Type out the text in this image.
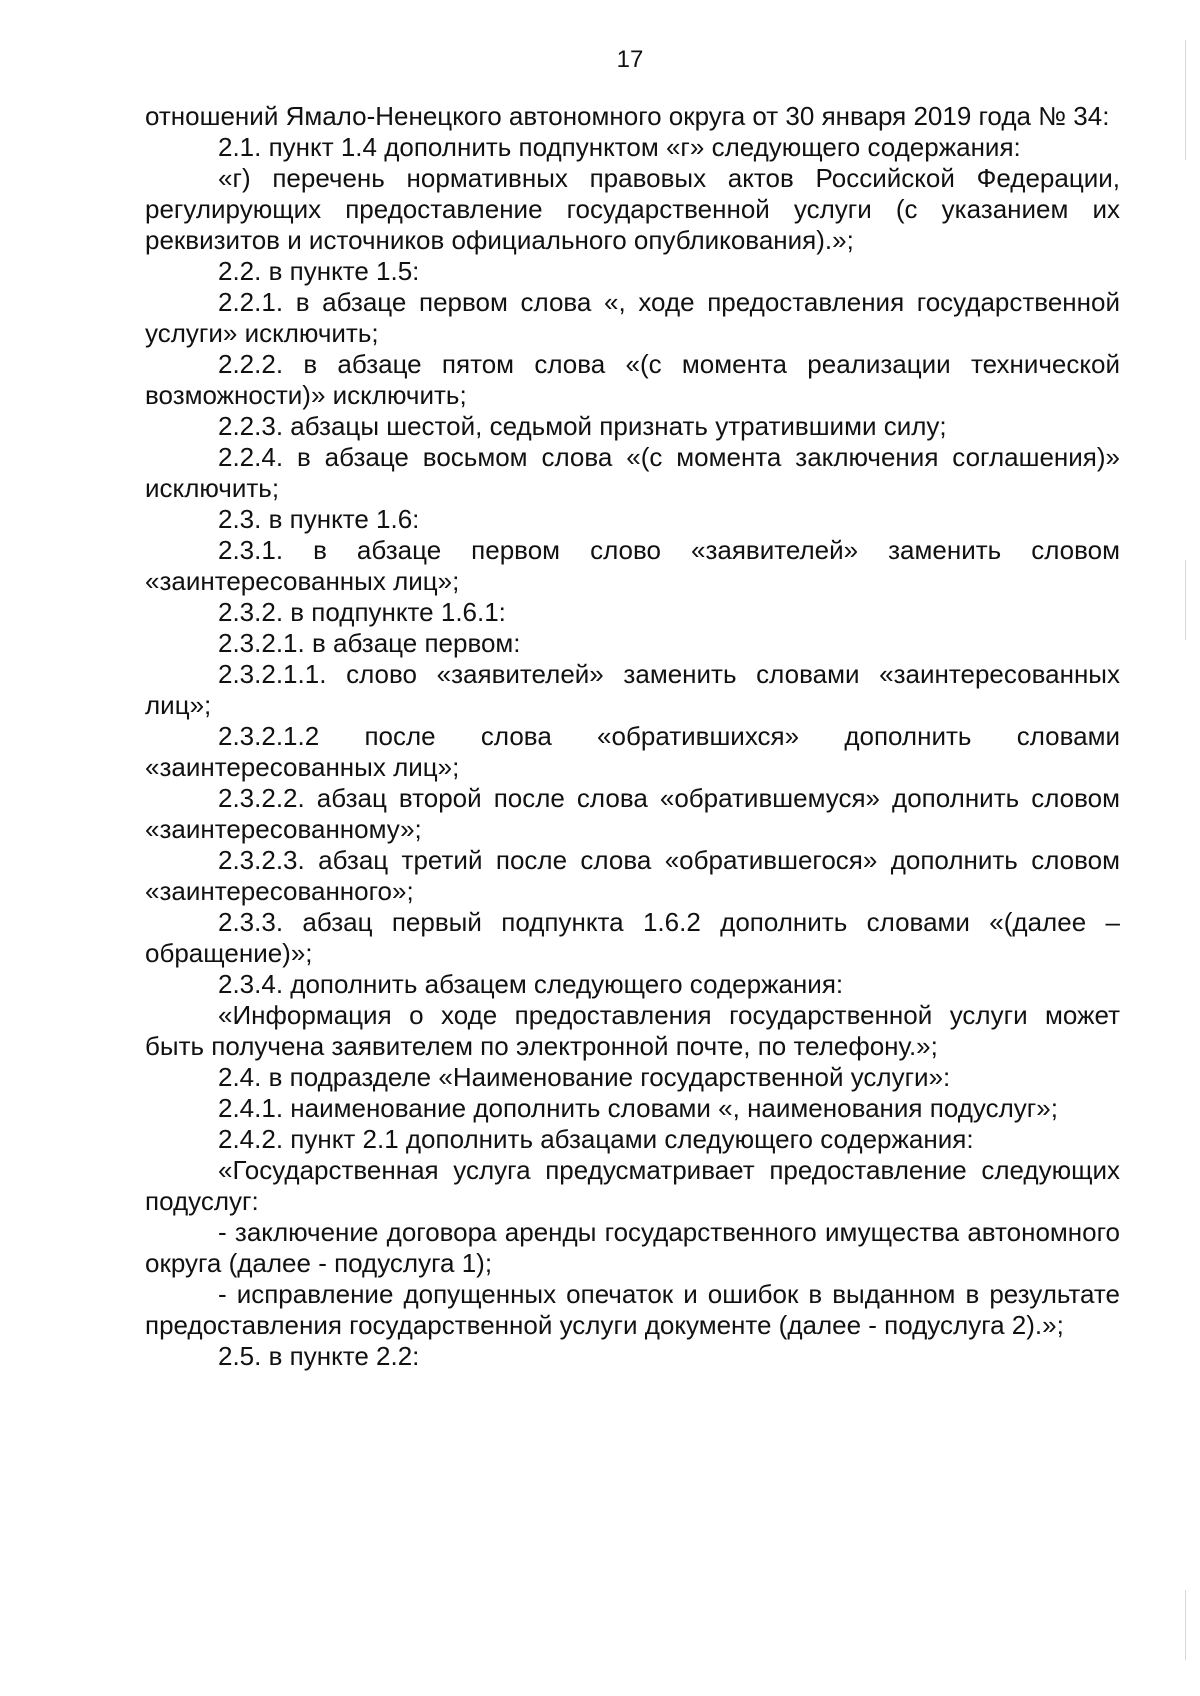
17

отношений Ямало-Ненецкого автономного округа от 30 января 2019 года № 34:

2.1. пункт 1.4 дополнить подпунктом «г» следующего содержания:

«г) перечень нормативных правовых актов Российской Федерации, регулирующих предоставление государственной услуги (с указанием их реквизитов и источников официального опубликования).»;

2.2. в пункте 1.5:

2.2.1. в абзаце первом слова «, ходе предоставления государственной услуги» исключить;

2.2.2. в абзаце пятом слова «(с момента реализации технической возможности)» исключить;

2.2.3. абзацы шестой, седьмой признать утратившими силу;

2.2.4. в абзаце восьмом слова «(с момента заключения соглашения)» исключить;

2.3. в пункте 1.6:

2.3.1. в абзаце первом слово «заявителей» заменить словом «заинтересованных лиц»;

2.3.2. в подпункте 1.6.1:

2.3.2.1. в абзаце первом:

2.3.2.1.1. слово «заявителей» заменить словами «заинтересованных лиц»;

2.3.2.1.2 после слова «обратившихся» дополнить словами «заинтересованных лиц»;

2.3.2.2. абзац второй после слова «обратившемуся» дополнить словом «заинтересованному»;

2.3.2.3. абзац третий после слова «обратившегося» дополнить словом «заинтересованного»;

2.3.3. абзац первый подпункта 1.6.2 дополнить словами «(далее – обращение)»;

2.3.4. дополнить абзацем следующего содержания:

«Информация о ходе предоставления государственной услуги может быть получена заявителем по электронной почте, по телефону.»;

2.4. в подразделе «Наименование государственной услуги»:

2.4.1. наименование дополнить словами «, наименования подуслуг»;

2.4.2. пункт 2.1 дополнить абзацами следующего содержания:

«Государственная услуга предусматривает предоставление следующих подуслуг:

- заключение договора аренды государственного имущества автономного округа (далее - подуслуга 1);

- исправление допущенных опечаток и ошибок в выданном в результате предоставления государственной услуги документе (далее - подуслуга 2).»;

2.5. в пункте 2.2:
